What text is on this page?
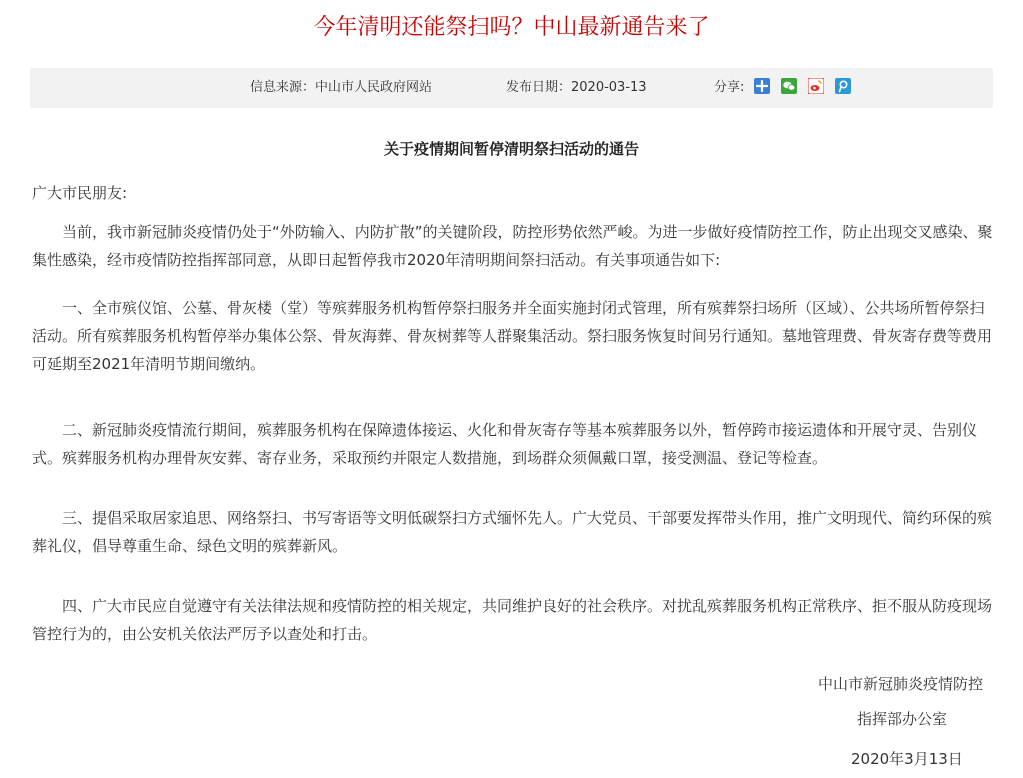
今年清明还能祭扫吗？中山最新通告来了
信息来源：中山市人民政府网站	发布日期：2020-03-13	分享:

关于疫情期间暂停清明祭扫活动的通告

广大市民朋友:

当前，我市新冠肺炎疫情仍处于“外防输入、内防扩散”的关键阶段，防控形势依然严峻。为进一步做好疫情防控工作，防止出现交叉感染、聚集性感染，经市疫情防控指挥部同意，从即日起暂停我市2020年清明期间祭扫活动。有关事项通告如下:

一、全市殡仪馆、公墓、骨灰楼（堂）等殡葬服务机构暂停祭扫服务并全面实施封闭式管理，所有殡葬祭扫场所（区域）、公共场所暂停祭扫活动。所有殡葬服务机构暂停举办集体公祭、骨灰海葬、骨灰树葬等人群聚集活动。祭扫服务恢复时间另行通知。墓地管理费、骨灰寄存费等费用可延期至2021年清明节期间缴纳。

二、新冠肺炎疫情流行期间，殡葬服务机构在保障遗体接运、火化和骨灰寄存等基本殡葬服务以外，暂停跨市接运遗体和开展守灵、告别仪式。殡葬服务机构办理骨灰安葬、寄存业务，采取预约并限定人数措施，到场群众须佩戴口罩，接受测温、登记等检查。

三、提倡采取居家追思、网络祭扫、书写寄语等文明低碳祭扫方式缅怀先人。广大党员、干部要发挥带头作用，推广文明现代、简约环保的殡葬礼仪，倡导尊重生命、绿色文明的殡葬新风。

四、广大市民应自觉遵守有关法律法规和疫情防控的相关规定，共同维护良好的社会秩序。对扰乱殡葬服务机构正常秩序、拒不服从防疫现场管控行为的，由公安机关依法严厉予以查处和打击。

中山市新冠肺炎疫情防控
指挥部办公室
2020年3月13日
